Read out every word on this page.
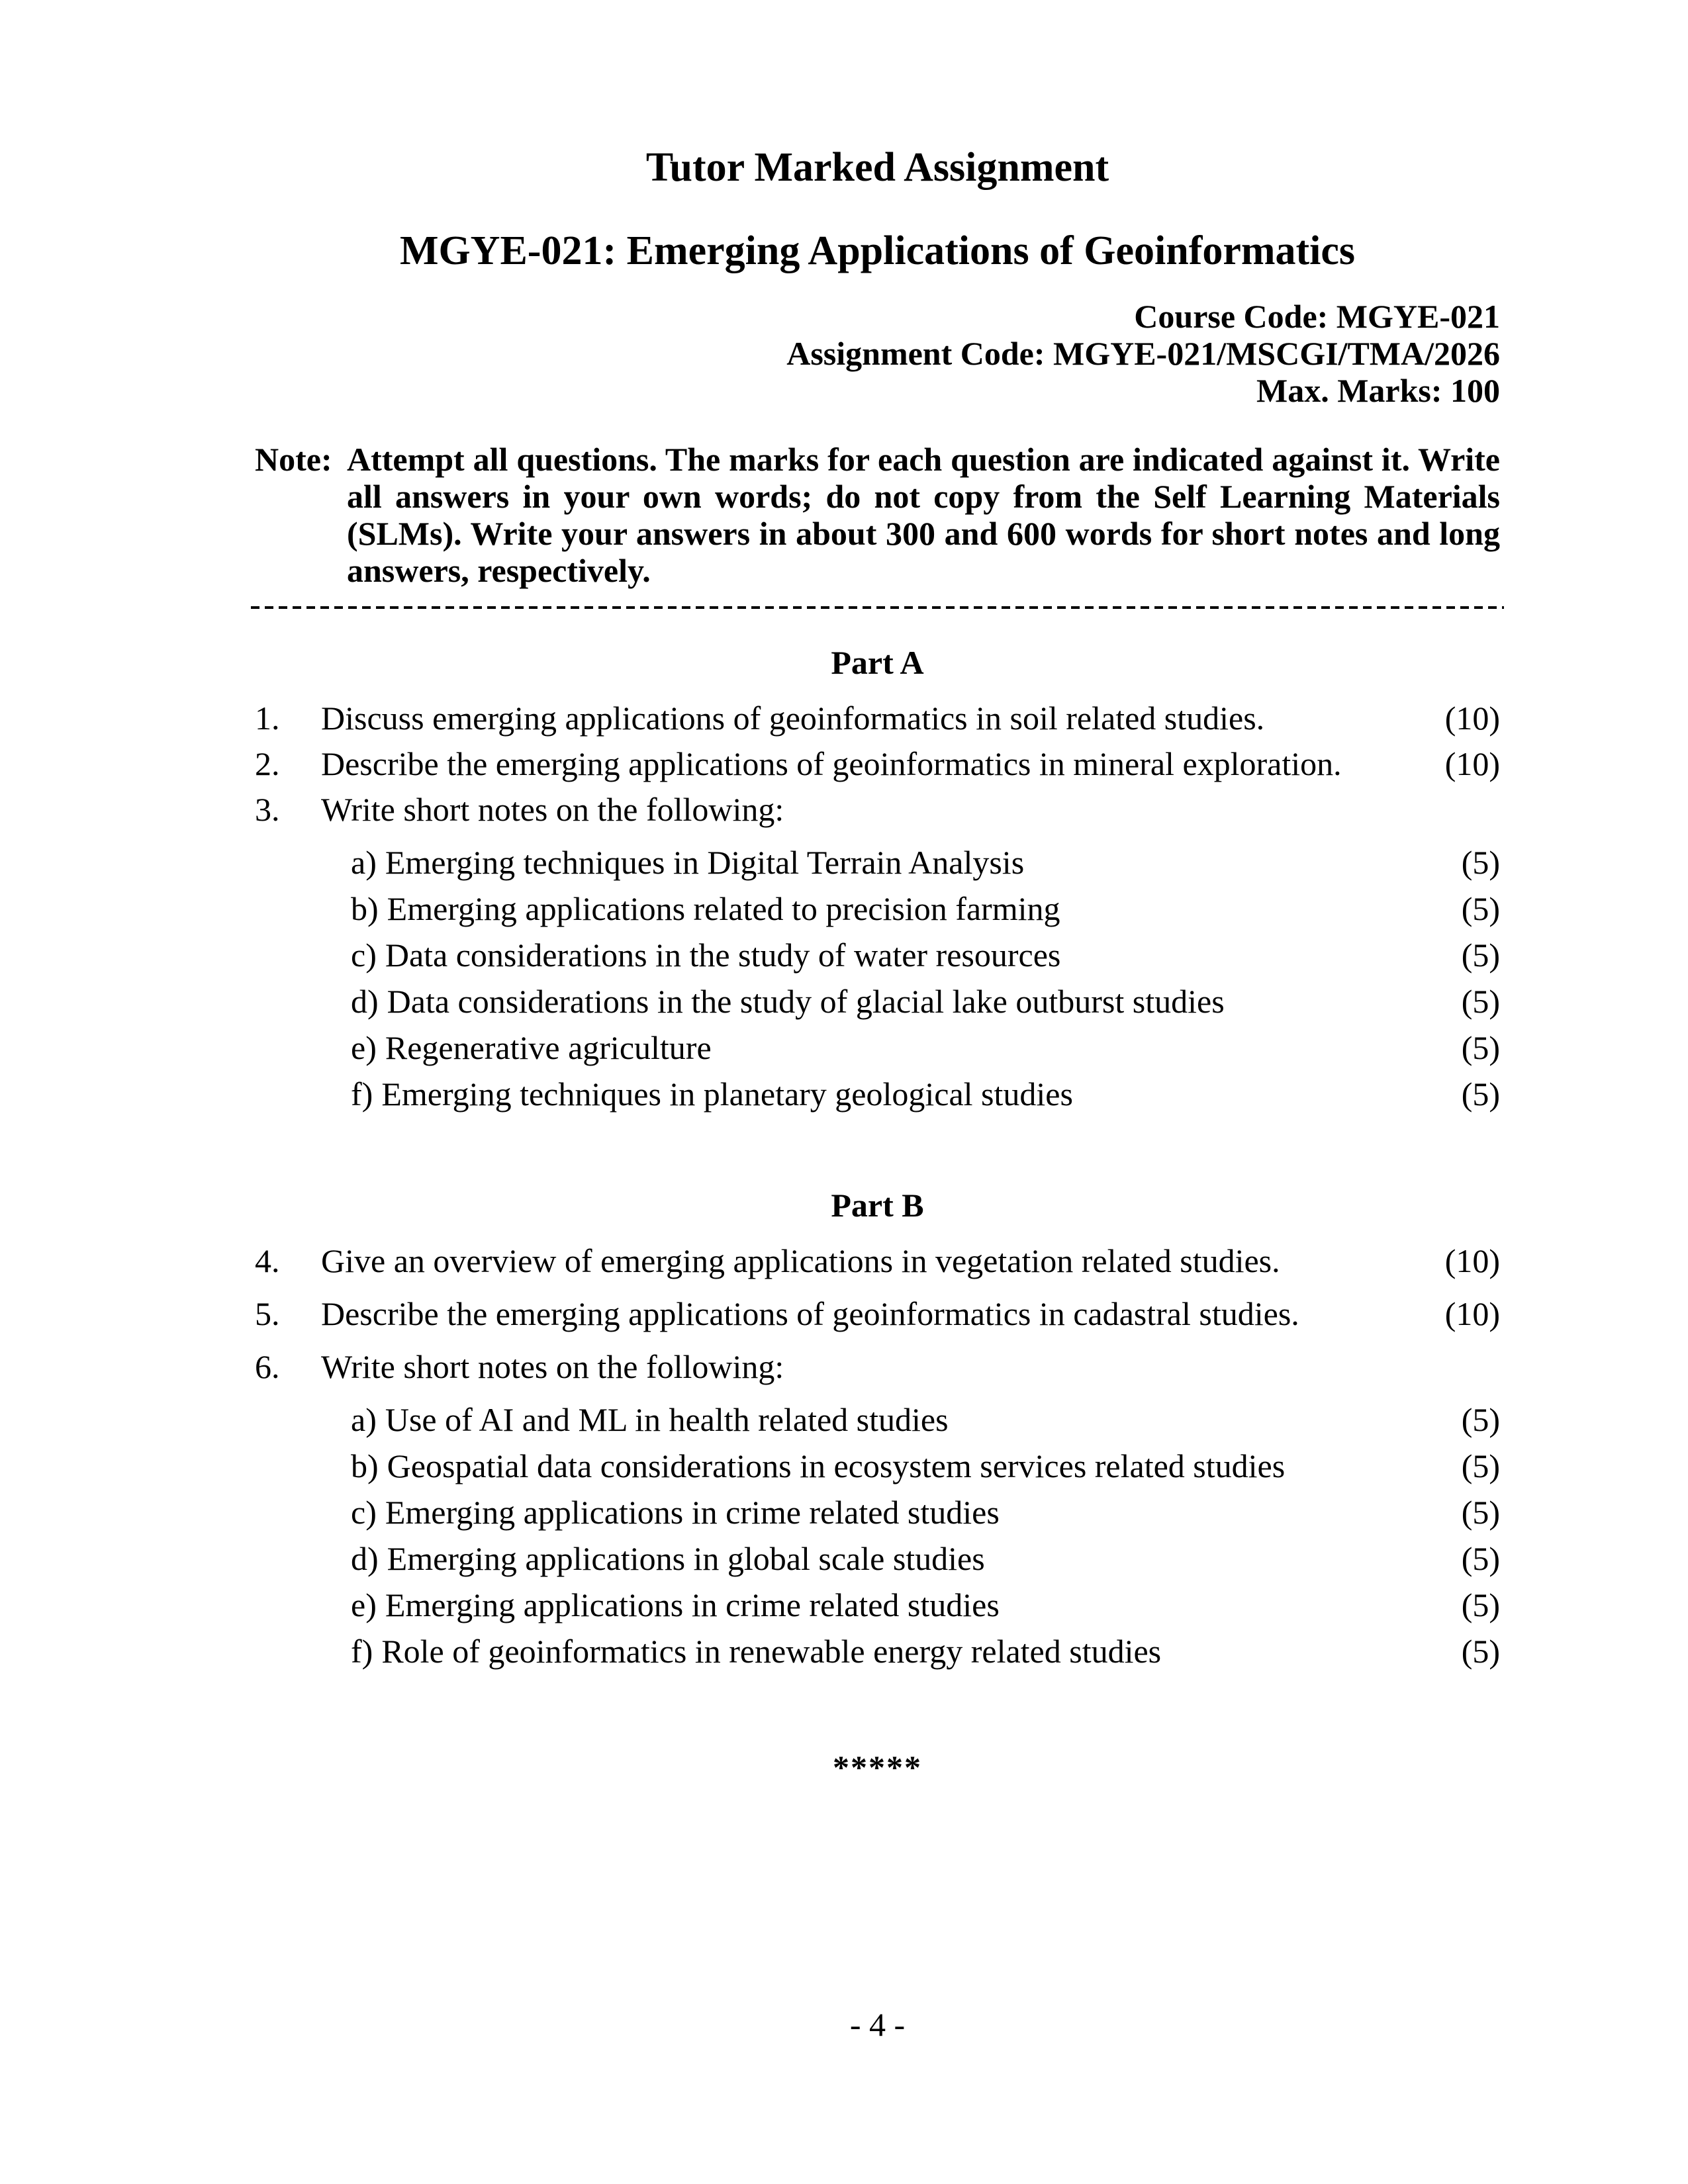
Tutor Marked Assignment
MGYE-021: Emerging Applications of Geoinformatics
Course Code: MGYE-021
Assignment Code: MGYE-021/MSCGI/TMA/2026
Max. Marks: 100
Note: Attempt all questions. The marks for each question are indicated against it. Write all answers in your own words; do not copy from the Self Learning Materials (SLMs). Write your answers in about 300 and 600 words for short notes and long answers, respectively.
Part A
1.	Discuss emerging applications of geoinformatics in soil related studies.	(10)
2.	Describe the emerging applications of geoinformatics in mineral exploration.	(10)
3.	Write short notes on the following:
a) Emerging techniques in Digital Terrain Analysis	(5)
b) Emerging applications related to precision farming	(5)
c) Data considerations in the study of water resources	(5)
d) Data considerations in the study of glacial lake outburst studies	(5)
e) Regenerative agriculture	(5)
f) Emerging techniques in planetary geological studies	(5)
Part B
4.	Give an overview of emerging applications in vegetation related studies.	(10)
5.	Describe the emerging applications of geoinformatics in cadastral studies.	(10)
6.	Write short notes on the following:
a) Use of AI and ML in health related studies	(5)
b) Geospatial data considerations in ecosystem services related studies	(5)
c) Emerging applications in crime related studies	(5)
d) Emerging applications in global scale studies	(5)
e) Emerging applications in crime related studies	(5)
f) Role of geoinformatics in renewable energy related studies	(5)
*****
- 4 -
